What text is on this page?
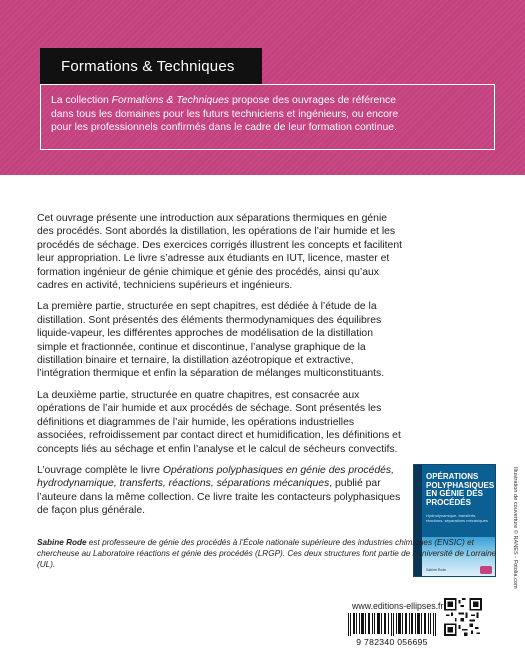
Formations & Techniques

La collection Formations & Techniques propose des ouvrages de référence

dans tous les domaines pour les futurs techniciens et ingénieurs, ou encore

pour les professionnels confirmés dans le cadre de leur formation continue.

Cet ouvrage présente une introduction aux séparations thermiques en génie des procédés. Sont abordés la distillation, les opérations de l’air humide et les procédés de séchage. Des exercices corrigés illustrent les concepts et facilitent leur appropriation. Le livre s’adresse aux étudiants en IUT, licence, master et formation ingénieur de génie chimique et génie des procédés, ainsi qu’aux cadres en activité, techniciens supérieurs et ingénieurs.

La première partie, structurée en sept chapitres, est dédiée à l’étude de la distillation. Sont présentés des éléments thermodynamiques des équilibres liquide-vapeur, les différentes approches de modélisation de la distillation simple et fractionnée, continue et discontinue, l’analyse graphique de la distillation binaire et ternaire, la distillation azéotropique et extractive, l’intégration thermique et enfin la séparation de mélanges multiconstituants.

La deuxième partie, structurée en quatre chapitres, est consacrée aux opérations de l’air humide et aux procédés de séchage. Sont présentés les définitions et diagrammes de l’air humide, les opérations industrielles associées, refroidissement par contact direct et humidification, les définitions et concepts liés au séchage et enfin l’analyse et le calcul de sécheurs convectifs.

L’ouvrage complète le livre Opérations polyphasiques en génie des procédés, hydrodynamique, transferts, réactions, séparations mécaniques, publié par l’auteure dans la même collection. Ce livre traite les contacteurs polyphasiques de façon plus générale.

OPÉRATIONS POLYPHASIQUES EN GÉNIE DES PROCÉDÉS
Hydrodynamique, transferts, réactions, séparations mécaniques
Sabine Rode	Illustration de couverture © RANES - Fotolia.com
Sabine Rode est professeure de génie des procédés à l’École nationale supérieure des industries chimiques (ENSIC) et chercheuse au Laboratoire réactions et génie des procédés (LRGP). Ces deux structures font partie de l’Université de Lorraine (UL).
www.editions-ellipses.fr
9 782340 056695
